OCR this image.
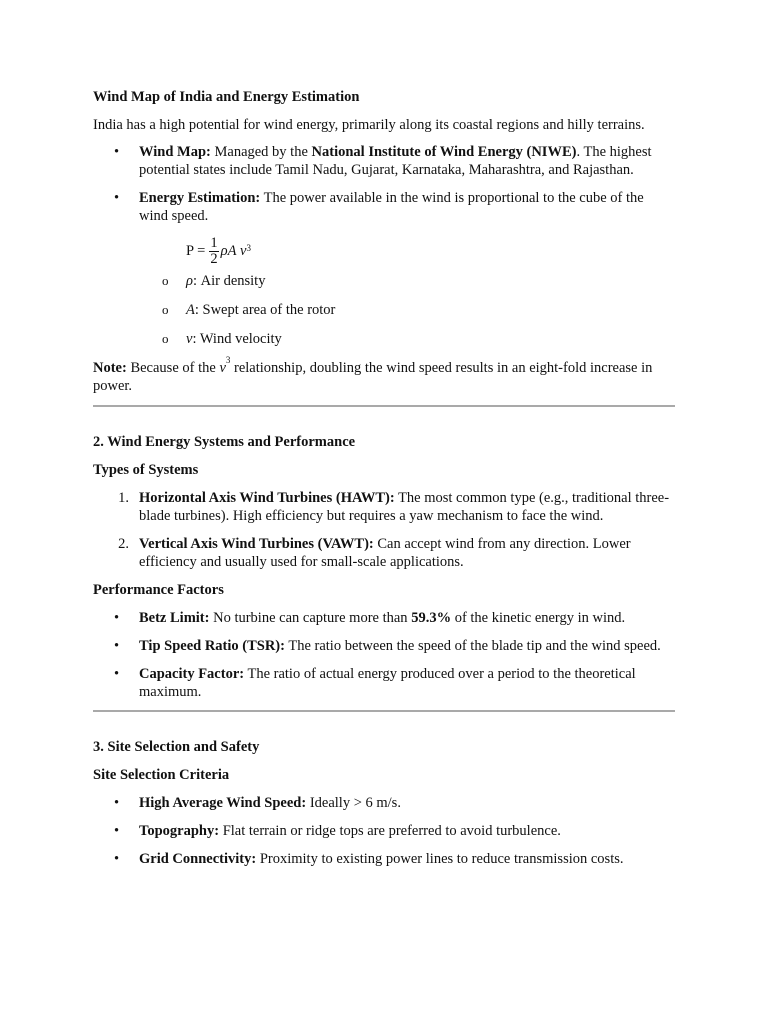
Wind Map of India and Energy Estimation

India has a high potential for wind energy, primarily along its coastal regions and hilly terrains.

• Wind Map: Managed by the National Institute of Wind Energy (NIWE). The highest potential states include Tamil Nadu, Gujarat, Karnataka, Maharashtra, and Rajasthan.
• Energy Estimation: The power available in the wind is proportional to the cube of the wind speed.
$P = \frac{1}{2}$ ρ A
$v^3$
o ρ: Air density
o A: Swept area of the rotor
o v: Wind velocity

Note: Because of the $v^3$ relationship, doubling the wind speed results in an eight-fold increase in power.

2. Wind Energy Systems and Performance

Types of Systems

1. Horizontal Axis Wind Turbines (HAWT): The most common type (e.g., traditional three-blade turbines). High efficiency but requires a yaw mechanism to face the wind.
2. Vertical Axis Wind Turbines (VAWT): Can accept wind from any direction. Lower efficiency and usually used for small-scale applications.

Performance Factors

• Betz Limit: No turbine can capture more than 59.3% of the kinetic energy in wind.
• Tip Speed Ratio (TSR): The ratio between the speed of the blade tip and the wind speed.
• Capacity Factor: The ratio of actual energy produced over a period to the theoretical maximum.

3. Site Selection and Safety

Site Selection Criteria

• High Average Wind Speed: Ideally > 6 m/s.
• Topography: Flat terrain or ridge tops are preferred to avoid turbulence.
• Grid Connectivity: Proximity to existing power lines to reduce transmission costs.
